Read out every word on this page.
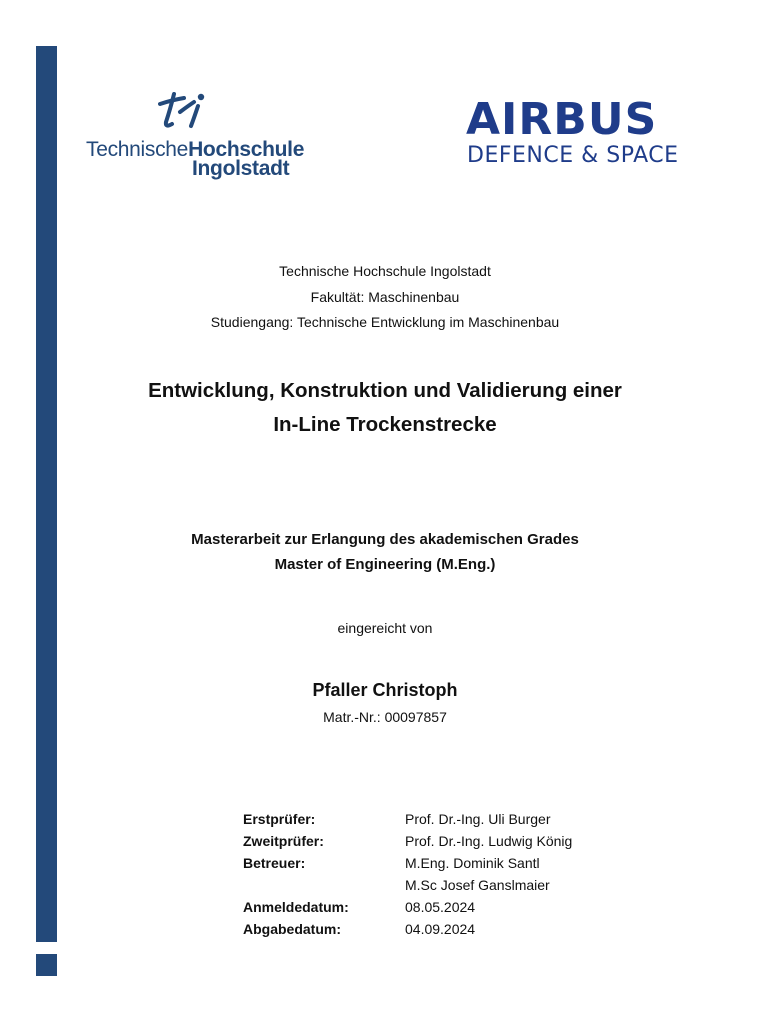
TechnischeHochschule
Ingolstadt
AIRBUS
DEFENCE & SPACE
Technische Hochschule Ingolstadt
Fakultät: Maschinenbau
Studiengang: Technische Entwicklung im Maschinenbau
Entwicklung, Konstruktion und Validierung einer
In-Line Trockenstrecke
Masterarbeit zur Erlangung des akademischen Grades
Master of Engineering (M.Eng.)
eingereicht von
Pfaller Christoph
Matr.-Nr.: 00097857
Erstprüfer:	Prof. Dr.-Ing. Uli Burger
Zweitprüfer:	Prof. Dr.-Ing. Ludwig König
Betreuer:	M.Eng. Dominik Santl
M.Sc Josef Ganslmaier
Anmeldedatum:	08.05.2024
Abgabedatum:	04.09.2024
